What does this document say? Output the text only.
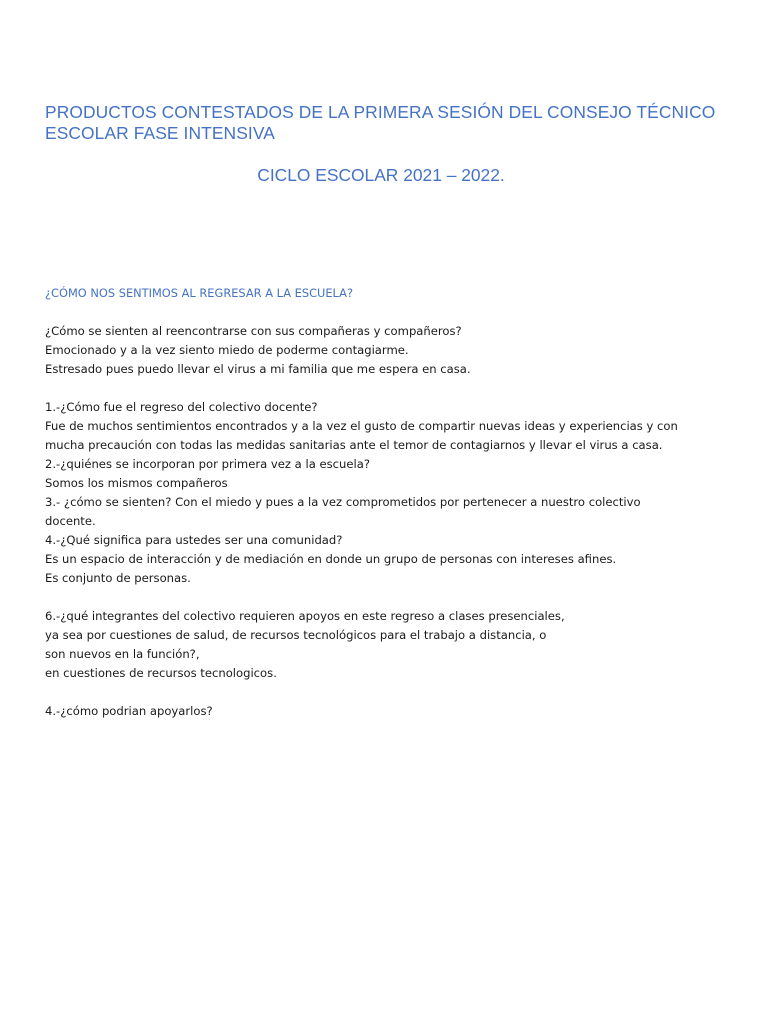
PRODUCTOS CONTESTADOS DE LA PRIMERA SESIÓN DEL CONSEJO TÉCNICO
ESCOLAR FASE INTENSIVA
CICLO ESCOLAR 2021 – 2022.
¿CÓMO NOS SENTIMOS AL REGRESAR A LA ESCUELA?
¿Cómo se sienten al reencontrarse con sus compañeras y compañeros?
Emocionado y a la vez siento miedo de poderme contagiarme.
Estresado pues puedo llevar el virus a mi familia que me espera en casa.
1.-¿Cómo fue el regreso del colectivo docente?
Fue de muchos sentimientos encontrados y a la vez el gusto de compartir nuevas ideas y experiencias y con
mucha precaución con todas las medidas sanitarias ante el temor de contagiarnos y llevar el virus a casa.
2.-¿quiénes se incorporan por primera vez a la escuela?
Somos los mismos compañeros
3.- ¿cómo se sienten? Con el miedo y pues a la vez comprometidos por pertenecer a nuestro colectivo
docente.
4.-¿Qué significa para ustedes ser una comunidad?
Es un espacio de interacción y de mediación en donde un grupo de personas con intereses afines.
Es conjunto de personas.
6.-¿qué integrantes del colectivo requieren apoyos en este regreso a clases presenciales,
ya sea por cuestiones de salud, de recursos tecnológicos para el trabajo a distancia, o
son nuevos en la función?,
en cuestiones de recursos tecnologicos.
4.-¿cómo podrian apoyarlos?
